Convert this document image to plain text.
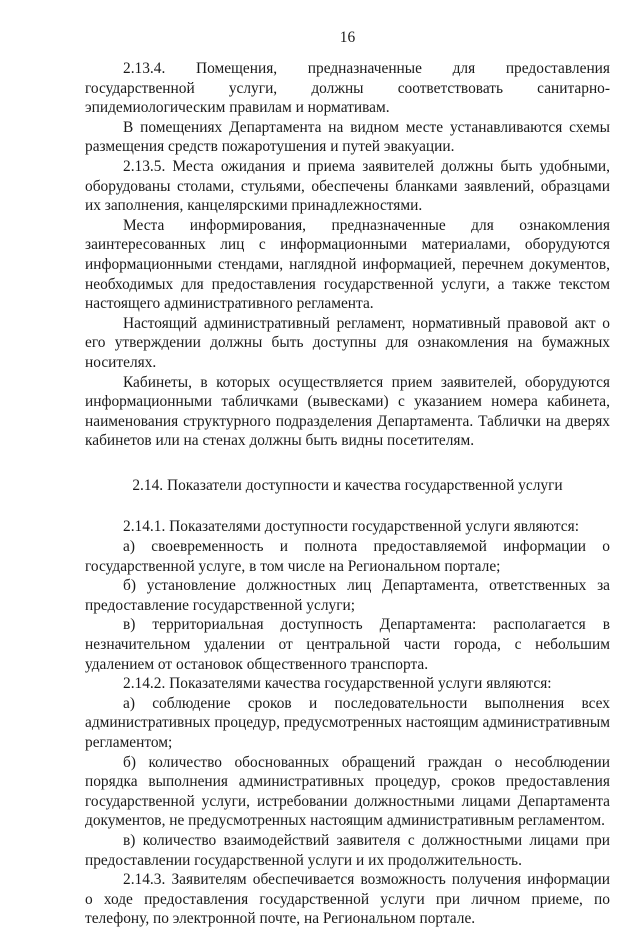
16

2.13.4. Помещения, предназначенные для предоставления государственной услуги, должны соответствовать санитарно-эпидемиологическим правилам и нормативам.

В помещениях Департамента на видном месте устанавливаются схемы размещения средств пожаротушения и путей эвакуации.

2.13.5. Места ожидания и приема заявителей должны быть удобными, оборудованы столами, стульями, обеспечены бланками заявлений, образцами их заполнения, канцелярскими принадлежностями.

Места информирования, предназначенные для ознакомления заинтересованных лиц с информационными материалами, оборудуются информационными стендами, наглядной информацией, перечнем документов, необходимых для предоставления государственной услуги, а также текстом настоящего административного регламента.

Настоящий административный регламент, нормативный правовой акт о его утверждении должны быть доступны для ознакомления на бумажных носителях.

Кабинеты, в которых осуществляется прием заявителей, оборудуются информационными табличками (вывесками) с указанием номера кабинета, наименования структурного подразделения Департамента. Таблички на дверях кабинетов или на стенах должны быть видны посетителям.

2.14. Показатели доступности и качества государственной услуги

2.14.1. Показателями доступности государственной услуги являются:

а) своевременность и полнота предоставляемой информации о государственной услуге, в том числе на Региональном портале;

б) установление должностных лиц Департамента, ответственных за предоставление государственной услуги;

в) территориальная доступность Департамента: располагается в незначительном удалении от центральной части города, с небольшим удалением от остановок общественного транспорта.

2.14.2. Показателями качества государственной услуги являются:

а) соблюдение сроков и последовательности выполнения всех административных процедур, предусмотренных настоящим административным регламентом;

б) количество обоснованных обращений граждан о несоблюдении порядка выполнения административных процедур, сроков предоставления государственной услуги, истребовании должностными лицами Департамента документов, не предусмотренных настоящим административным регламентом.

в) количество взаимодействий заявителя с должностными лицами при предоставлении государственной услуги и их продолжительность.

2.14.3. Заявителям обеспечивается возможность получения информации о ходе предоставления государственной услуги при личном приеме, по телефону, по электронной почте, на Региональном портале.
